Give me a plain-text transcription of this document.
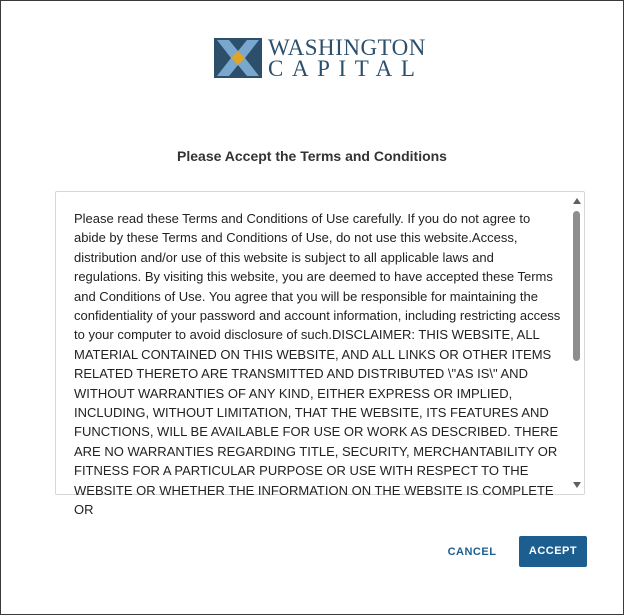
WASHINGTON
CAPITAL
Please Accept the Terms and Conditions
Please read these Terms and Conditions of Use carefully. If you do not agree to abide by these Terms and Conditions of Use, do not use this website.Access, distribution and/or use of this website is subject to all applicable laws and regulations. By visiting this website, you are deemed to have accepted these Terms and Conditions of Use. You agree that you will be responsible for maintaining the confidentiality of your password and account information, including restricting access to your computer to avoid disclosure of such.DISCLAIMER: THIS WEBSITE, ALL MATERIAL CONTAINED ON THIS WEBSITE, AND ALL LINKS OR OTHER ITEMS RELATED THERETO ARE TRANSMITTED AND DISTRIBUTED \"AS IS\" AND WITHOUT WARRANTIES OF ANY KIND, EITHER EXPRESS OR IMPLIED, INCLUDING, WITHOUT LIMITATION, THAT THE WEBSITE, ITS FEATURES AND FUNCTIONS, WILL BE AVAILABLE FOR USE OR WORK AS DESCRIBED. THERE ARE NO WARRANTIES REGARDING TITLE, SECURITY, MERCHANTABILITY OR FITNESS FOR A PARTICULAR PURPOSE OR USE WITH RESPECT TO THE WEBSITE OR WHETHER THE INFORMATION ON THE WEBSITE IS COMPLETE OR
CANCEL	ACCEPT
